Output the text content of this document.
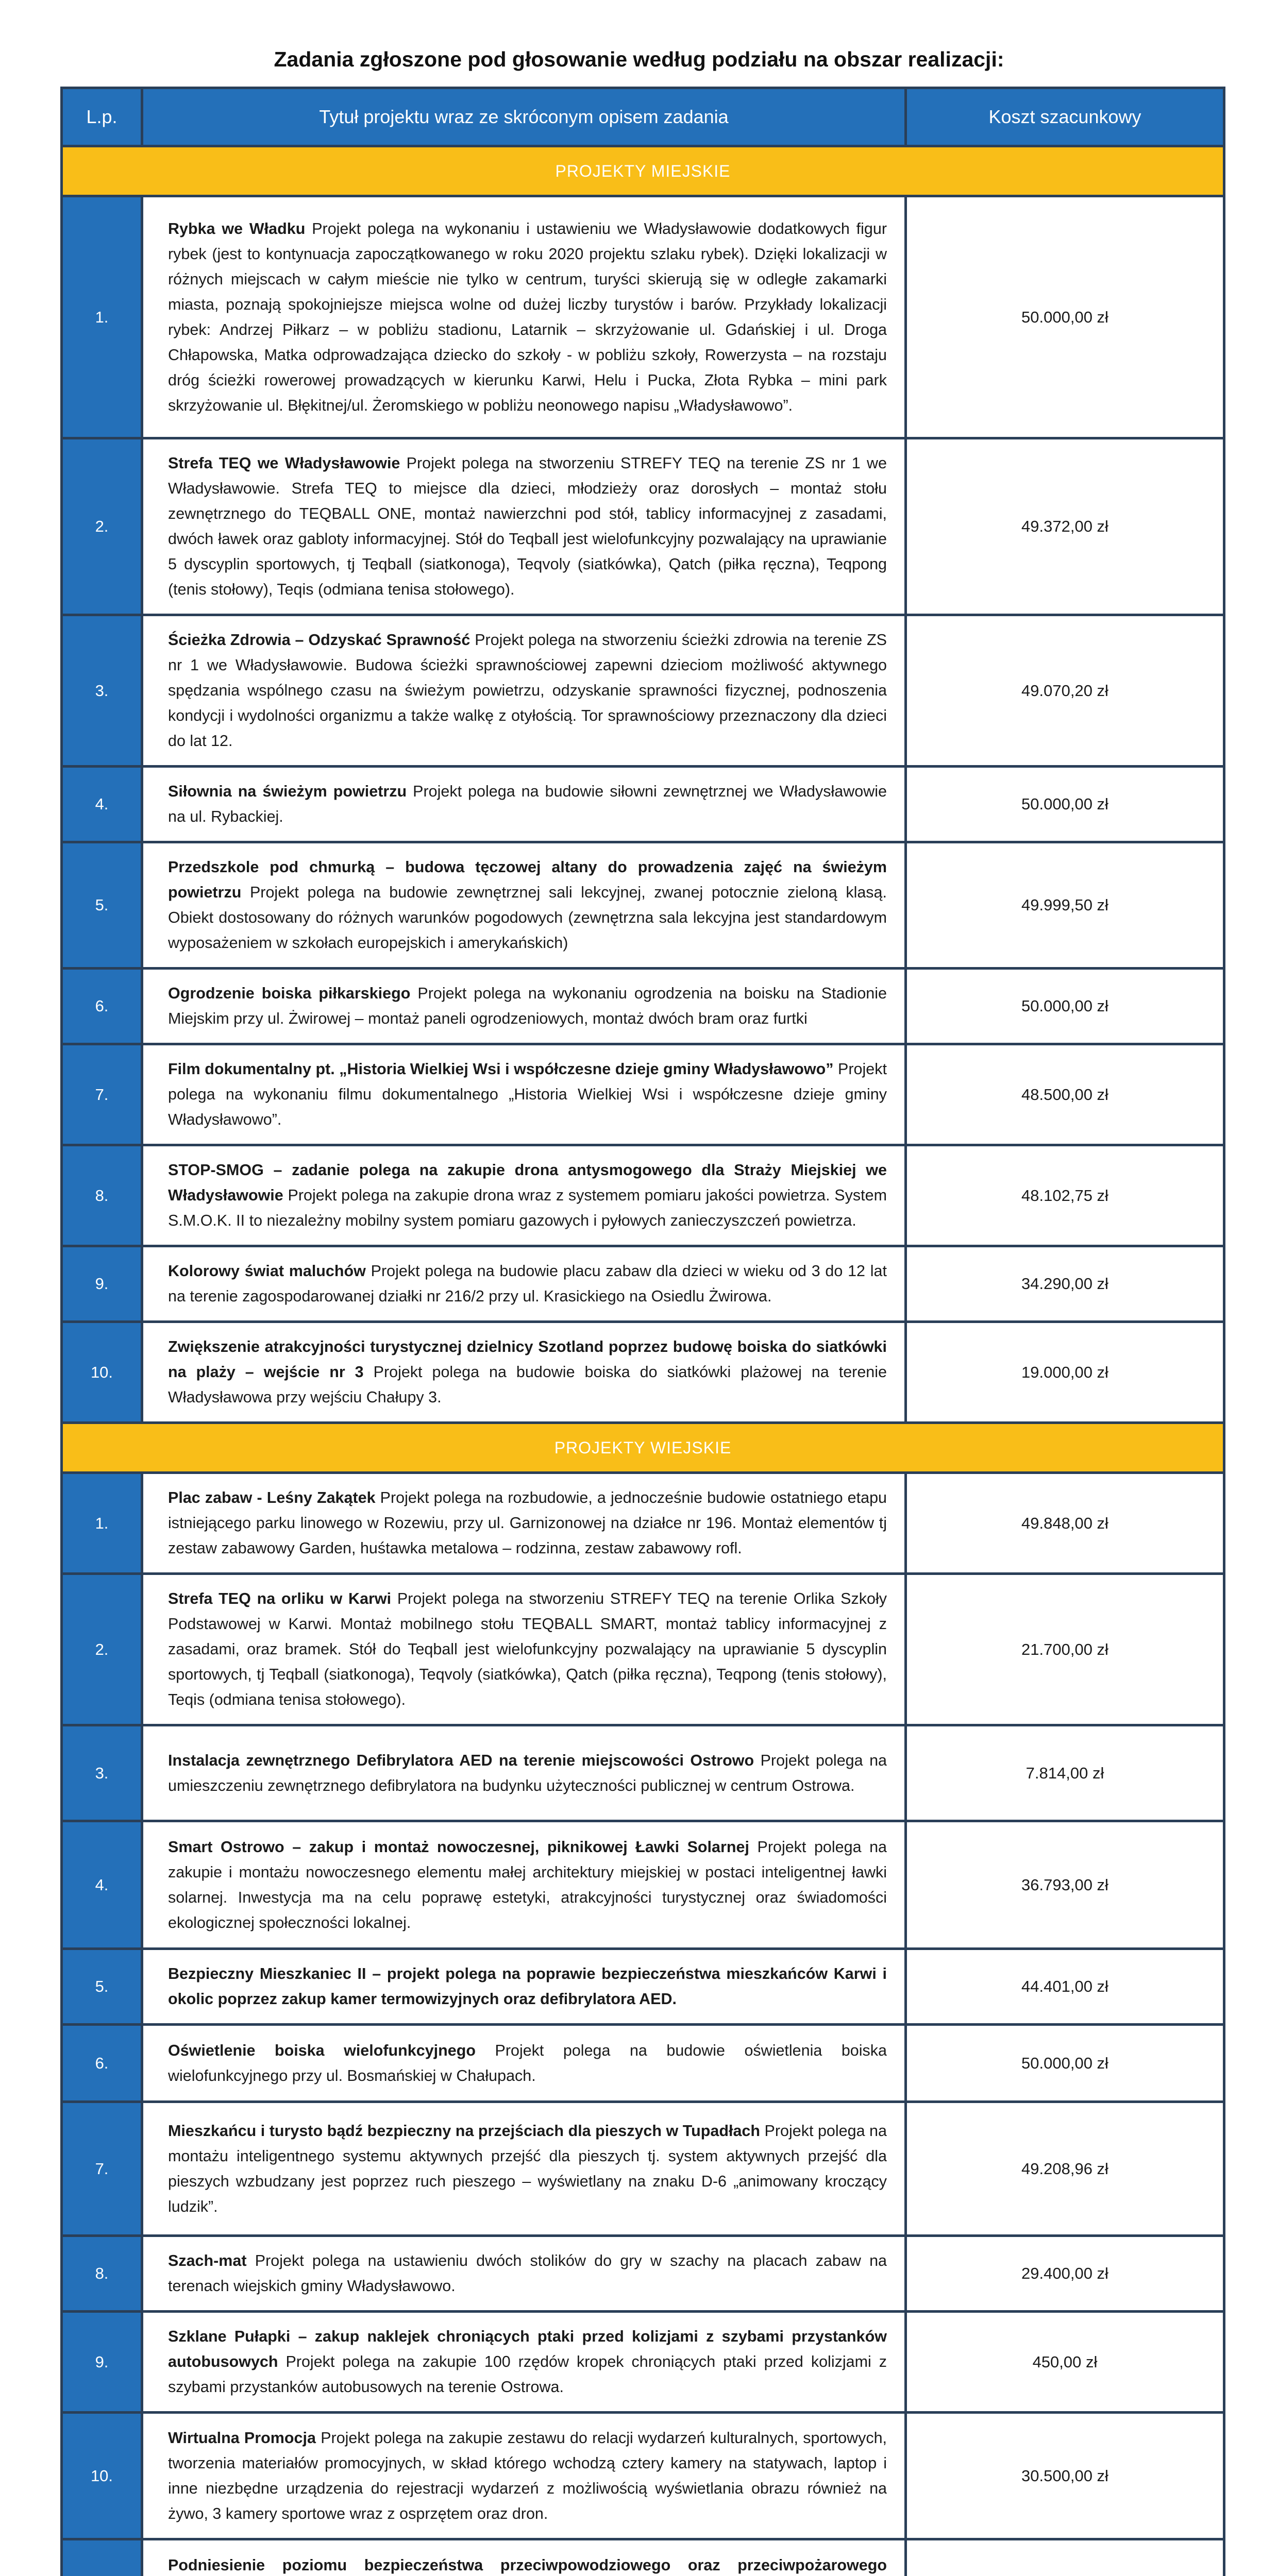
Zadania zgłoszone pod głosowanie według podziału na obszar realizacji:
L.p.	Tytuł projektu wraz ze skróconym opisem zadania	Koszt szacunkowy
PROJEKTY MIEJSKIE		
1.	Rybka we Władku Projekt polega na wykonaniu i ustawieniu we Władysławowie dodatkowych figur rybek (jest to kontynuacja zapoczątkowanego w roku 2020 projektu szlaku rybek). Dzięki lokalizacji w różnych miejscach w całym mieście nie tylko w centrum, turyści skierują się w odległe zakamarki miasta, poznają spokojniejsze miejsca wolne od dużej liczby turystów i barów. Przykłady lokalizacji rybek: Andrzej Piłkarz – w pobliżu stadionu, Latarnik – skrzyżowanie ul. Gdańskiej i ul. Droga Chłapowska, Matka odprowadzająca dziecko do szkoły - w pobliżu szkoły, Rowerzysta – na rozstaju dróg ścieżki rowerowej prowadzących w kierunku Karwi, Helu i Pucka, Złota Rybka – mini park skrzyżowanie ul. Błękitnej/ul. Żeromskiego w pobliżu neonowego napisu „Władysławowo”.	50.000,00 zł
2.	Strefa TEQ we Władysławowie Projekt polega na stworzeniu STREFY TEQ na terenie ZS nr 1 we Władysławowie. Strefa TEQ to miejsce dla dzieci, młodzieży oraz dorosłych – montaż stołu zewnętrznego do TEQBALL ONE, montaż nawierzchni pod stół, tablicy informacyjnej z zasadami, dwóch ławek oraz gabloty informacyjnej. Stół do Teqball jest wielofunkcyjny pozwalający na uprawianie 5 dyscyplin sportowych, tj Teqball (siatkonoga), Teqvoly (siatkówka), Qatch (piłka ręczna), Teqpong (tenis stołowy), Teqis (odmiana tenisa stołowego).	49.372,00 zł
3.	Ścieżka Zdrowia – Odzyskać Sprawność Projekt polega na stworzeniu ścieżki zdrowia na terenie ZS nr 1 we Władysławowie. Budowa ścieżki sprawnościowej zapewni dzieciom możliwość aktywnego spędzania wspólnego czasu na świeżym powietrzu, odzyskanie sprawności fizycznej, podnoszenia kondycji i wydolności organizmu a także walkę z otyłością. Tor sprawnościowy przeznaczony dla dzieci do lat 12.	49.070,20 zł
4.	Siłownia na świeżym powietrzu Projekt polega na budowie siłowni zewnętrznej we Władysławowie na ul. Rybackiej.	50.000,00 zł
5.	Przedszkole pod chmurką – budowa tęczowej altany do prowadzenia zajęć na świeżym powietrzu Projekt polega na budowie zewnętrznej sali lekcyjnej, zwanej potocznie zieloną klasą. Obiekt dostosowany do różnych warunków pogodowych (zewnętrzna sala lekcyjna jest standardowym wyposażeniem w szkołach europejskich i amerykańskich)	49.999,50 zł
6.	Ogrodzenie boiska piłkarskiego Projekt polega na wykonaniu ogrodzenia na boisku na Stadionie Miejskim przy ul. Żwirowej – montaż paneli ogrodzeniowych, montaż dwóch bram oraz furtki	50.000,00 zł
7.	Film dokumentalny pt. „Historia Wielkiej Wsi i współczesne dzieje gminy Władysławowo” Projekt polega na wykonaniu filmu dokumentalnego „Historia Wielkiej Wsi i współczesne dzieje gminy Władysławowo”.	48.500,00 zł
8.	STOP-SMOG – zadanie polega na zakupie drona antysmogowego dla Straży Miejskiej we Władysławowie Projekt polega na zakupie drona wraz z systemem pomiaru jakości powietrza. System S.M.O.K. II to niezależny mobilny system pomiaru gazowych i pyłowych zanieczyszczeń powietrza.	48.102,75 zł
9.	Kolorowy świat maluchów Projekt polega na budowie placu zabaw dla dzieci w wieku od 3 do 12 lat na terenie zagospodarowanej działki nr 216/2 przy ul. Krasickiego na Osiedlu Żwirowa.	34.290,00 zł
10.	Zwiększenie atrakcyjności turystycznej dzielnicy Szotland poprzez budowę boiska do siatkówki na plaży – wejście nr 3 Projekt polega na budowie boiska do siatkówki plażowej na terenie Władysławowa przy wejściu Chałupy 3.	19.000,00 zł
PROJEKTY WIEJSKIE		
1.	Plac zabaw - Leśny Zakątek Projekt polega na rozbudowie, a jednocześnie budowie ostatniego etapu istniejącego parku linowego w Rozewiu, przy ul. Garnizonowej na działce nr 196. Montaż elementów tj zestaw zabawowy Garden, huśtawka metalowa – rodzinna, zestaw zabawowy rofl.	49.848,00 zł
2.	Strefa TEQ na orliku w Karwi Projekt polega na stworzeniu STREFY TEQ na terenie Orlika Szkoły Podstawowej w Karwi. Montaż mobilnego stołu TEQBALL SMART, montaż tablicy informacyjnej z zasadami, oraz bramek. Stół do Teqball jest wielofunkcyjny pozwalający na uprawianie 5 dyscyplin sportowych, tj Teqball (siatkonoga), Teqvoly (siatkówka), Qatch (piłka ręczna), Teqpong (tenis stołowy), Teqis (odmiana tenisa stołowego).	21.700,00 zł
3.	Instalacja zewnętrznego Defibrylatora AED na terenie miejscowości Ostrowo Projekt polega na umieszczeniu zewnętrznego defibrylatora na budynku użyteczności publicznej w centrum Ostrowa.	7.814,00 zł
4.	Smart Ostrowo – zakup i montaż nowoczesnej, piknikowej Ławki Solarnej Projekt polega na zakupie i montażu nowoczesnego elementu małej architektury miejskiej w postaci inteligentnej ławki solarnej. Inwestycja ma na celu poprawę estetyki, atrakcyjności turystycznej oraz świadomości ekologicznej społeczności lokalnej.	36.793,00 zł
5.	Bezpieczny Mieszkaniec II – projekt polega na poprawie bezpieczeństwa mieszkańców Karwi i okolic poprzez zakup kamer termowizyjnych oraz defibrylatora AED.	44.401,00 zł
6.	Oświetlenie boiska wielofunkcyjnego Projekt polega na budowie oświetlenia boiska wielofunkcyjnego przy ul. Bosmańskiej w Chałupach.	50.000,00 zł
7.	Mieszkańcu i turysto bądź bezpieczny na przejściach dla pieszych w Tupadłach Projekt polega na montażu inteligentnego systemu aktywnych przejść dla pieszych tj. system aktywnych przejść dla pieszych wzbudzany jest poprzez ruch pieszego – wyświetlany na znaku D-6 „animowany kroczący ludzik”.	49.208,96 zł
8.	Szach-mat Projekt polega na ustawieniu dwóch stolików do gry w szachy na placach zabaw na terenach wiejskich gminy Władysławowo.	29.400,00 zł
9.	Szklane Pułapki – zakup naklejek chroniących ptaki przed kolizjami z szybami przystanków autobusowych Projekt polega na zakupie 100 rzędów kropek chroniących ptaki przed kolizjami z szybami przystanków autobusowych na terenie Ostrowa.	450,00 zł
10.	Wirtualna Promocja Projekt polega na zakupie zestawu do relacji wydarzeń kulturalnych, sportowych, tworzenia materiałów promocyjnych, w skład którego wchodzą cztery kamery na statywach, laptop i inne niezbędne urządzenia do rejestracji wydarzeń z możliwością wyświetlania obrazu również na żywo, 3 kamery sportowe wraz z osprzętem oraz dron.	30.500,00 zł
	Podniesienie poziomu bezpieczeństwa przeciwpowodziowego oraz przeciwpożarowego	
